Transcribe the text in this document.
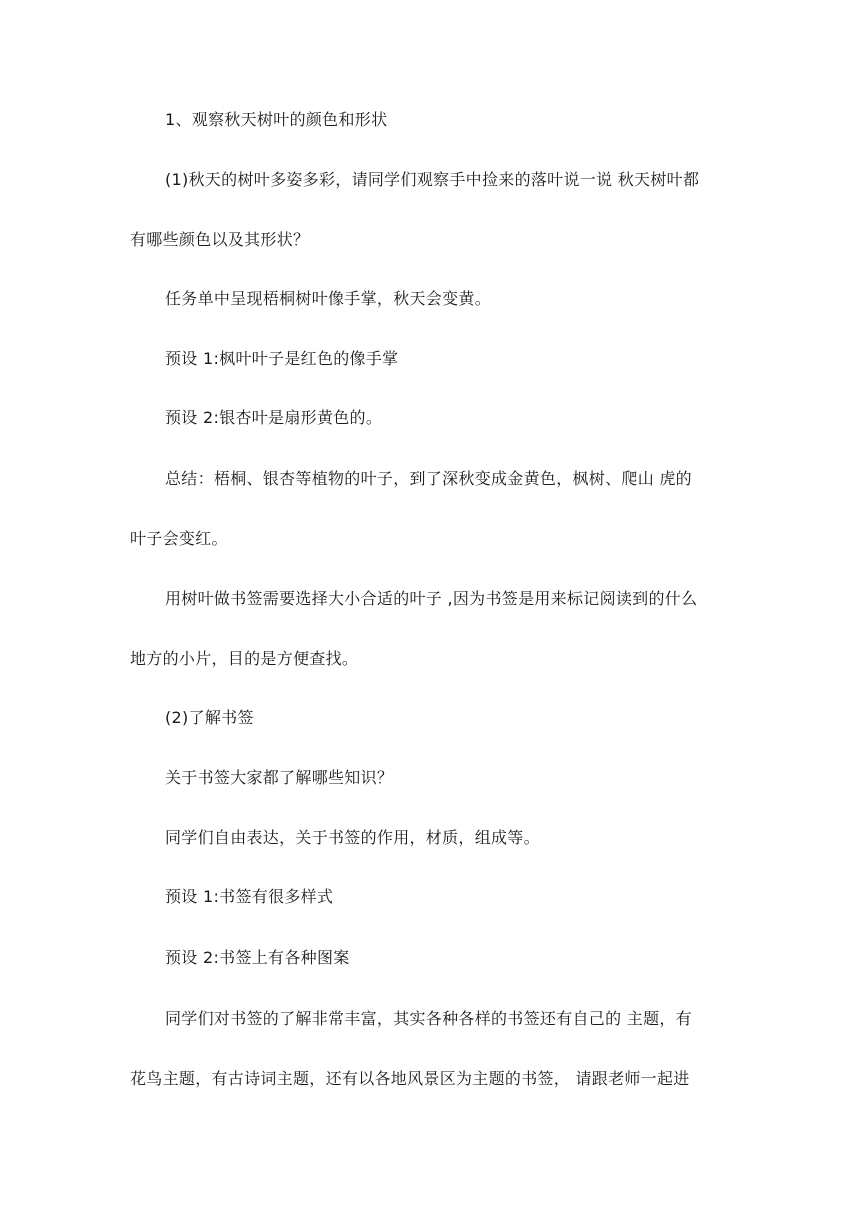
1、观察秋天树叶的颜色和形状
(1)秋天的树叶多姿多彩，请同学们观察手中捡来的落叶说一说 秋天树叶都
有哪些颜色以及其形状？
任务单中呈现梧桐树叶像手掌，秋天会变黄。
预设 1:枫叶叶子是红色的像手掌
预设 2:银杏叶是扇形黄色的。
总结：梧桐、银杏等植物的叶子，到了深秋变成金黄色，枫树、爬山 虎的
叶子会变红。
用树叶做书签需要选择大小合适的叶子 ,因为书签是用来标记阅读到的什么
地方的小片，目的是方便查找。
(2)了解书签
关于书签大家都了解哪些知识？
同学们自由表达，关于书签的作用，材质，组成等。
预设 1:书签有很多样式
预设 2:书签上有各种图案
同学们对书签的了解非常丰富，其实各种各样的书签还有自己的 主题，有
花鸟主题，有古诗词主题，还有以各地风景区为主题的书签， 请跟老师一起进
